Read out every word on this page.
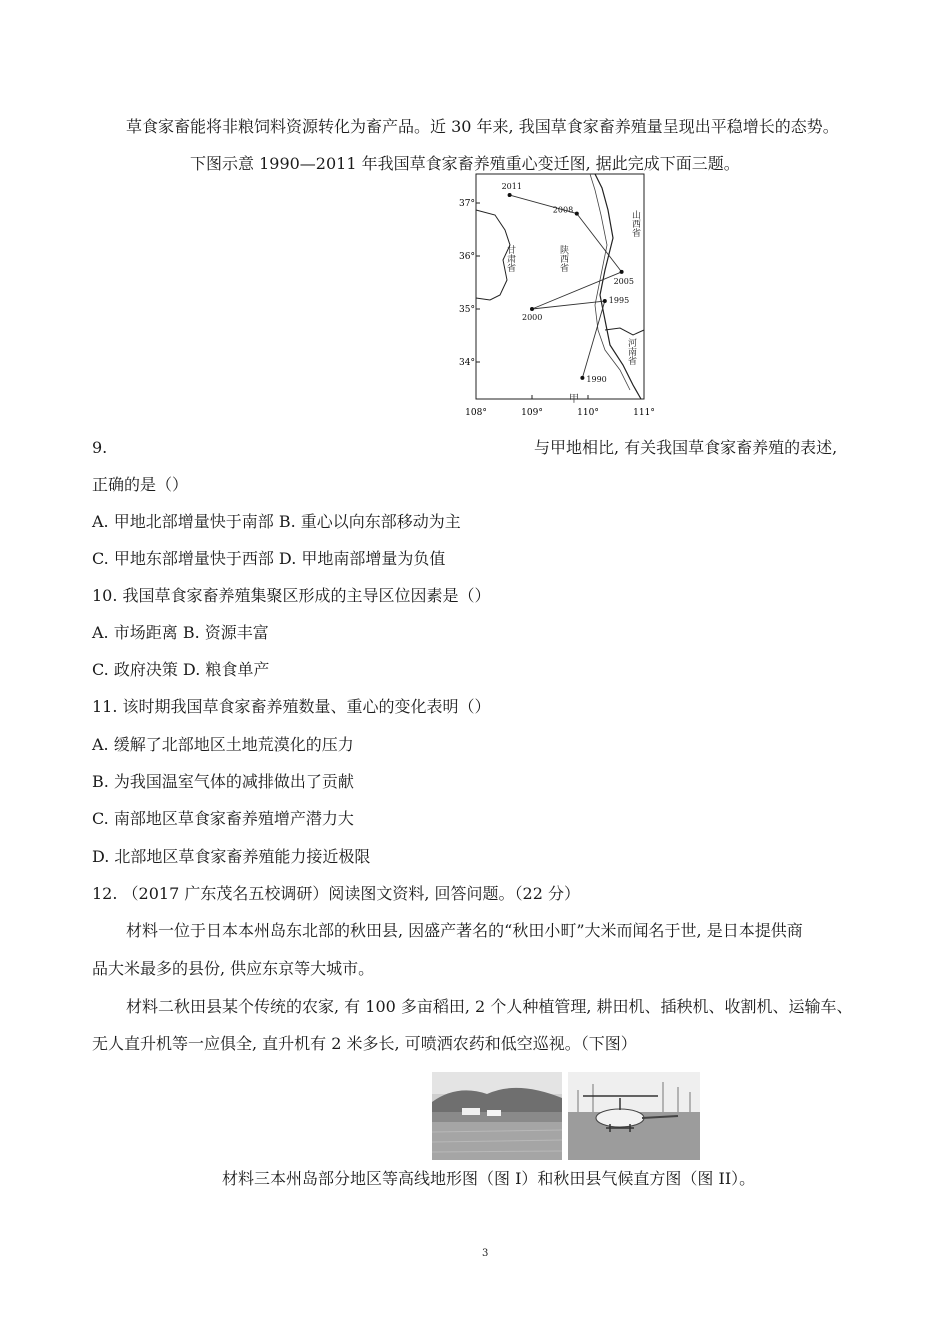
草食家畜能将非粮饲料资源转化为畜产品。近 30 年来, 我国草食家畜养殖量呈现出平稳增长的态势。
下图示意 1990—2011 年我国草食家畜养殖重心变迁图, 据此完成下面三题。
1990
1995
2000
2005
2008
2011
37°
36°
35°
34°
108°	109°	110°	111°
山西省
陕西省
甘肃省
河南省
甲
9.	与甲地相比, 有关我国草食家畜养殖的表述,
正确的是（）
A. 甲地北部增量快于南部 B. 重心以向东部移动为主
C. 甲地东部增量快于西部 D. 甲地南部增量为负值
10. 我国草食家畜养殖集聚区形成的主导区位因素是（）
A. 市场距离 B. 资源丰富
C. 政府决策 D. 粮食单产
11. 该时期我国草食家畜养殖数量、重心的变化表明（）
A. 缓解了北部地区土地荒漠化的压力
B. 为我国温室气体的减排做出了贡献
C. 南部地区草食家畜养殖增产潜力大
D. 北部地区草食家畜养殖能力接近极限
12. （2017 广东茂名五校调研）阅读图文资料, 回答问题。（22 分）
材料一位于日本本州岛东北部的秋田县, 因盛产著名的“秋田小町”大米而闻名于世, 是日本提供商
品大米最多的县份, 供应东京等大城市。
材料二秋田县某个传统的农家, 有 100 多亩稻田, 2 个人种植管理, 耕田机、插秧机、收割机、运输车、
无人直升机等一应俱全, 直升机有 2 米多长, 可喷洒农药和低空巡视。（下图）
材料三本州岛部分地区等高线地形图（图 I）和秋田县气候直方图（图 II）。
3
